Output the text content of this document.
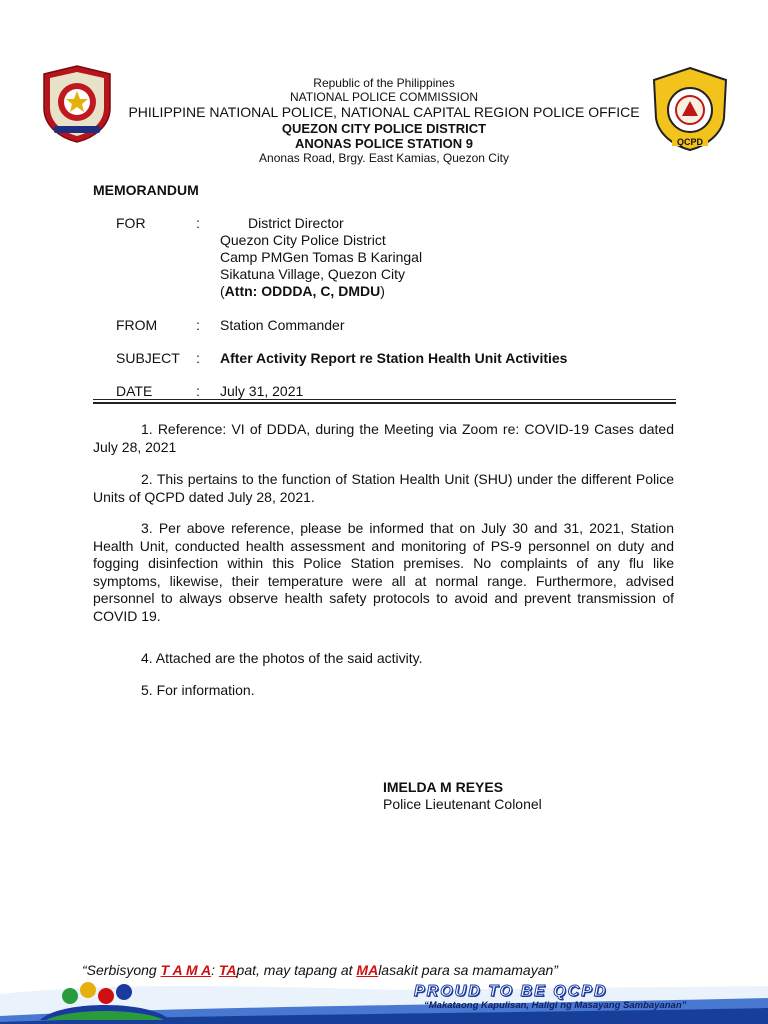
QCPD
Republic of the Philippines
NATIONAL POLICE COMMISSION
PHILIPPINE NATIONAL POLICE, NATIONAL CAPITAL REGION POLICE OFFICE
QUEZON CITY POLICE DISTRICT
ANONAS POLICE STATION 9
Anonas Road, Brgy. East Kamias, Quezon City
MEMORANDUM
FOR	:	District Director
Quezon City Police District
Camp PMGen Tomas B Karingal
Sikatuna Village, Quezon City
(Attn: ODDDA, C, DMDU)
FROM	: Station Commander
SUBJECT : After Activity Report re Station Health Unit Activities
DATE	: July 31, 2021
1. Reference: VI of DDDA, during the Meeting via Zoom re: COVID-19 Cases dated July 28, 2021
2. This pertains to the function of Station Health Unit (SHU) under the different Police Units of QCPD dated July 28, 2021.
3. Per above reference, please be informed that on July 30 and 31, 2021, Station Health Unit, conducted health assessment and monitoring of PS-9 personnel on duty and fogging disinfection within this Police Station premises. No complaints of any flu like symptoms, likewise, their temperature were all at normal range. Furthermore, advised personnel to always observe health safety protocols to avoid and prevent transmission of COVID 19.
4. Attached are the photos of the said activity.
5. For information.
IMELDA M REYES
Police Lieutenant Colonel
“Serbisyong T A M A: TApat, may tapang at MAlasakit para sa mamamayan”
PROUD TO BE QCPD
“Makataong Kapulisan, Haligi ng Masayang Sambayanan”
